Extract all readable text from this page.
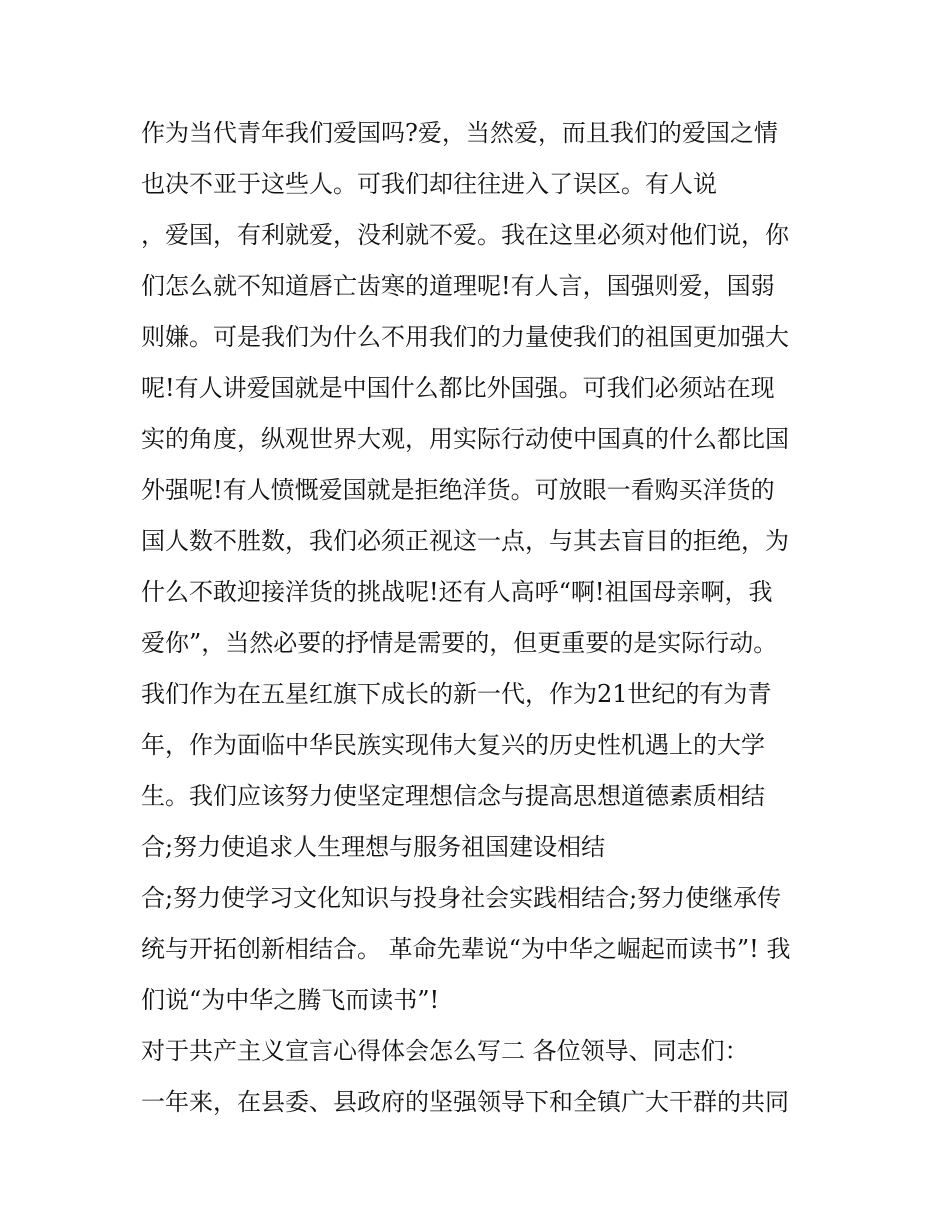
作为当代青年我们爱国吗?爱，当然爱，而且我们的爱国之情
也决不亚于这些人。可我们却往往进入了误区。有人说
，爱国，有利就爱，没利就不爱。我在这里必须对他们说，你
们怎么就不知道唇亡齿寒的道理呢!有人言，国强则爱，国弱
则嫌。可是我们为什么不用我们的力量使我们的祖国更加强大
呢!有人讲爱国就是中国什么都比外国强。可我们必须站在现
实的角度，纵观世界大观，用实际行动使中国真的什么都比国
外强呢!有人愤慨爱国就是拒绝洋货。可放眼一看购买洋货的
国人数不胜数，我们必须正视这一点，与其去盲目的拒绝，为
什么不敢迎接洋货的挑战呢!还有人高呼“啊!祖国母亲啊，我
爱你”，当然必要的抒情是需要的，但更重要的是实际行动。
我们作为在五星红旗下成长的新一代，作为21世纪的有为青
年，作为面临中华民族实现伟大复兴的历史性机遇上的大学
生。我们应该努力使坚定理想信念与提高思想道德素质相结
合;努力使追求人生理想与服务祖国建设相结
合;努力使学习文化知识与投身社会实践相结合;努力使继承传
统与开拓创新相结合。 革命先辈说“为中华之崛起而读书”! 我
们说“为中华之腾飞而读书”!
对于共产主义宣言心得体会怎么写二 各位领导、同志们：
一年来，在县委、县政府的坚强领导下和全镇广大干群的共同
